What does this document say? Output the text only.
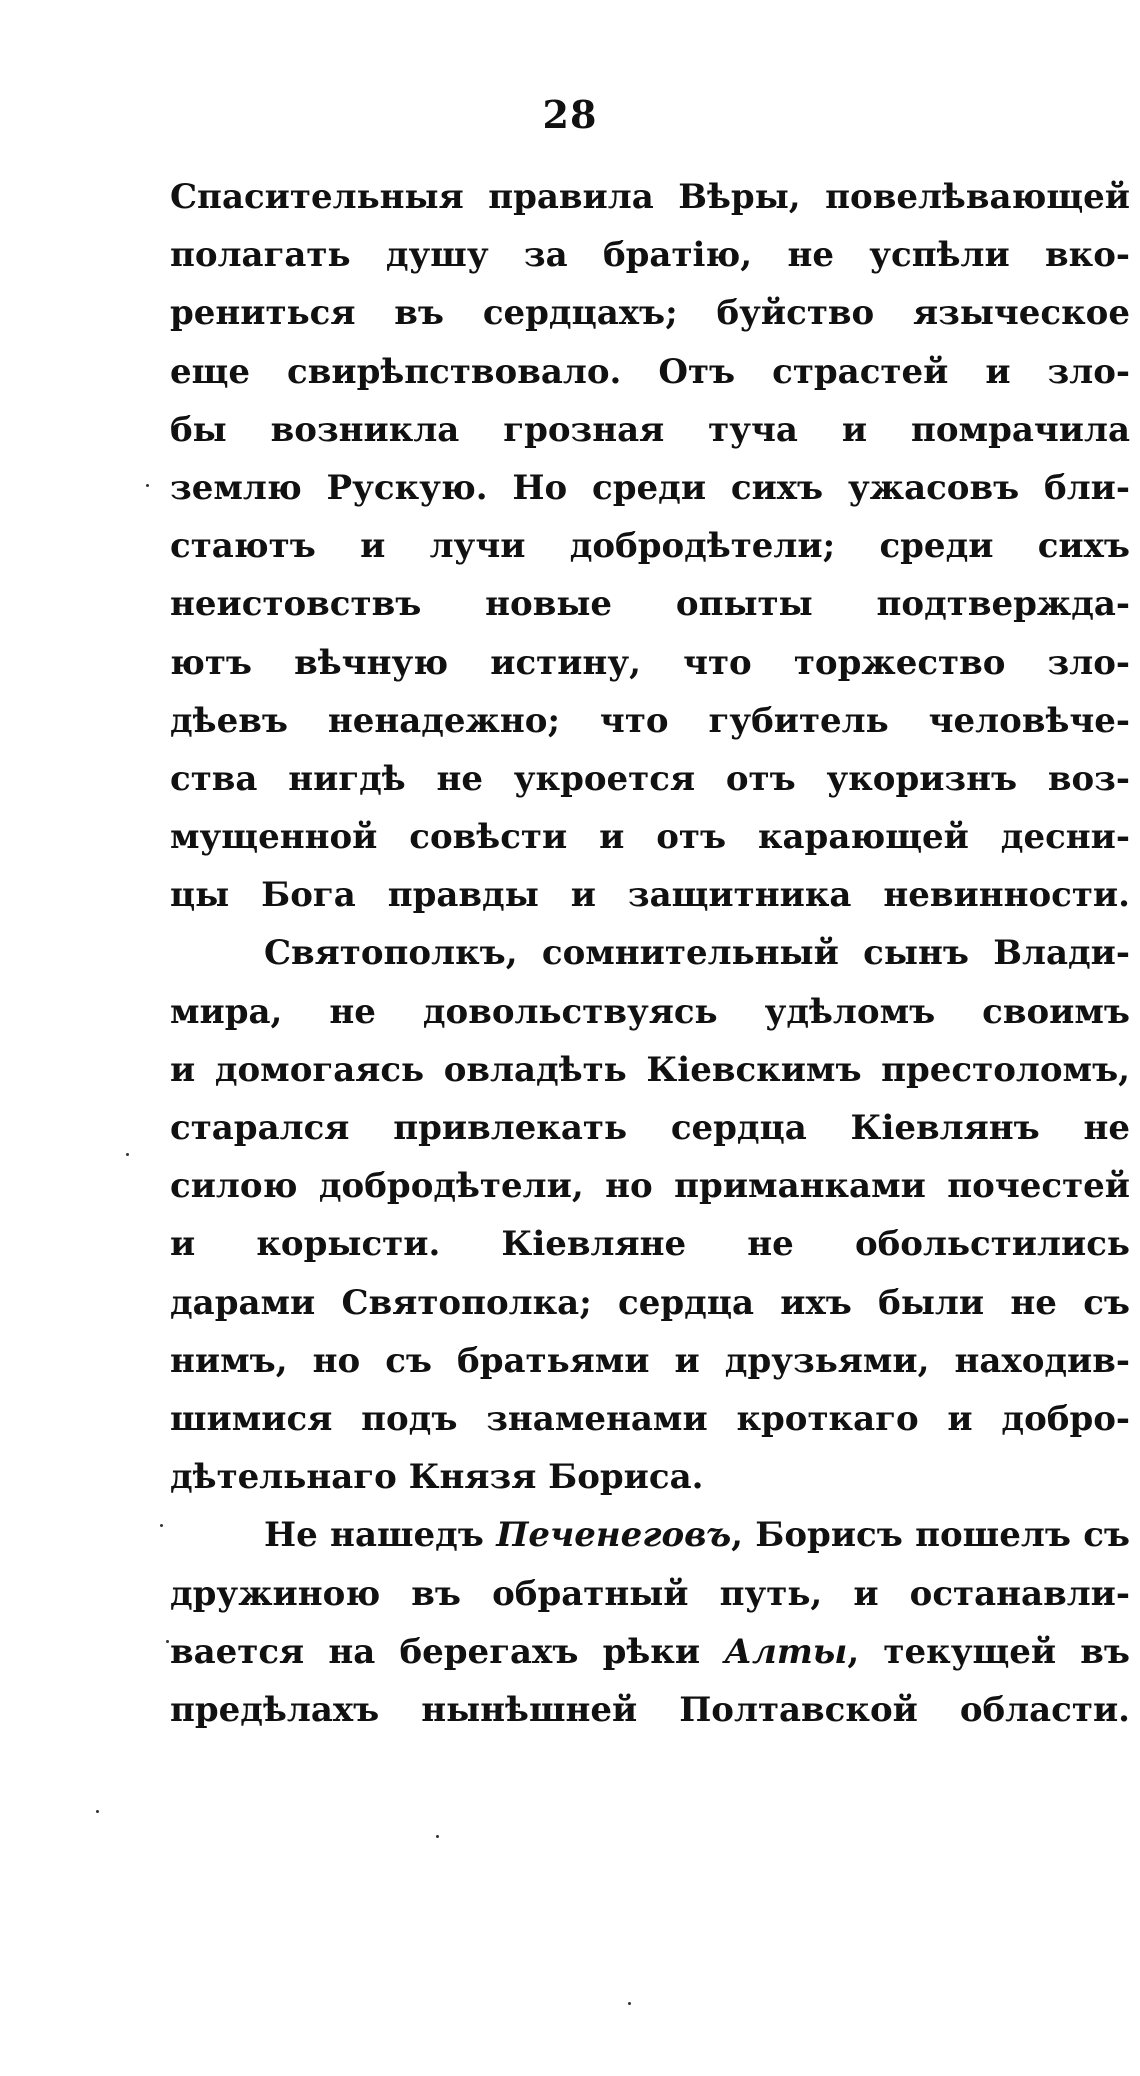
28
Спасительныя правила Вѣры, повелѣвающей
полагать душу за братію, не успѣли вко-
рениться въ сердцахъ; буйство языческое
еще свирѣпствовало. Отъ страстей и зло-
бы возникла грозная туча и помрачила
землю Рускую. Но среди сихъ ужасовъ бли-
стаютъ и лучи добродѣтели; среди сихъ
неистовствъ новые опыты подтвержда-
ютъ вѣчную истину, что торжество зло-
дѣевъ ненадежно; что губитель человѣче-
ства нигдѣ не укроется отъ укоризнъ воз-
мущенной совѣсти и отъ карающей десни-
цы Бога правды и защитника невинности.
Святополкъ, сомнительный сынъ Влади-
мира, не довольствуясь удѣломъ своимъ
и домогаясь овладѣть Кіевскимъ престоломъ,
старался привлекать сердца Кіевлянъ не
силою добродѣтели, но приманками почестей
и корысти. Кіевляне не обольстились
дарами Святополка; сердца ихъ были не съ
нимъ, но съ братьями и друзьями, находив-
шимися подъ знаменами кроткаго и добро-
дѣтельнаго Князя Бориса.
Не нашедъ Печенеговъ, Борисъ пошелъ съ
дружиною въ обратный путь, и останавли-
вается на берегахъ рѣки Алты, текущей въ
предѣлахъ нынѣшней Полтавской области.
